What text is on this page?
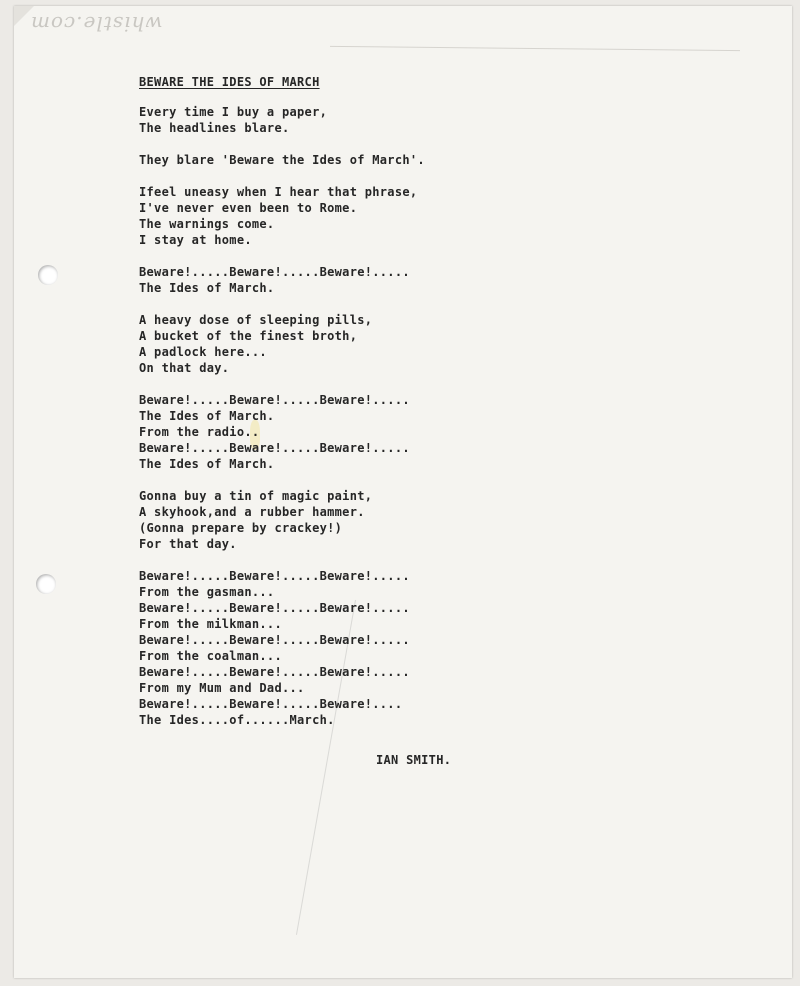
whistle.com
BEWARE THE IDES OF MARCH
Every time I buy a paper,
The headlines blare.
They blare 'Beware the Ides of March'.
Ifeel uneasy when I hear that phrase,
I've never even been to Rome.
The warnings come.
I stay at home.
Beware!.....Beware!.....Beware!.....
The Ides of March.
A heavy dose of sleeping pills,
A bucket of the finest broth,
A padlock here...
On that day.
Beware!.....Beware!.....Beware!.....
The Ides of March.
From the radio..
Beware!.....Beware!.....Beware!.....
The Ides of March.
Gonna buy a tin of magic paint,
A skyhook,and a rubber hammer.
(Gonna prepare by crackey!)
For that day.
Beware!.....Beware!.....Beware!.....
From the gasman...
Beware!.....Beware!.....Beware!.....
From the milkman...
Beware!.....Beware!.....Beware!.....
From the coalman...
Beware!.....Beware!.....Beware!.....
From my Mum and Dad...
Beware!.....Beware!.....Beware!....
The Ides....of......March.
IAN SMITH.
